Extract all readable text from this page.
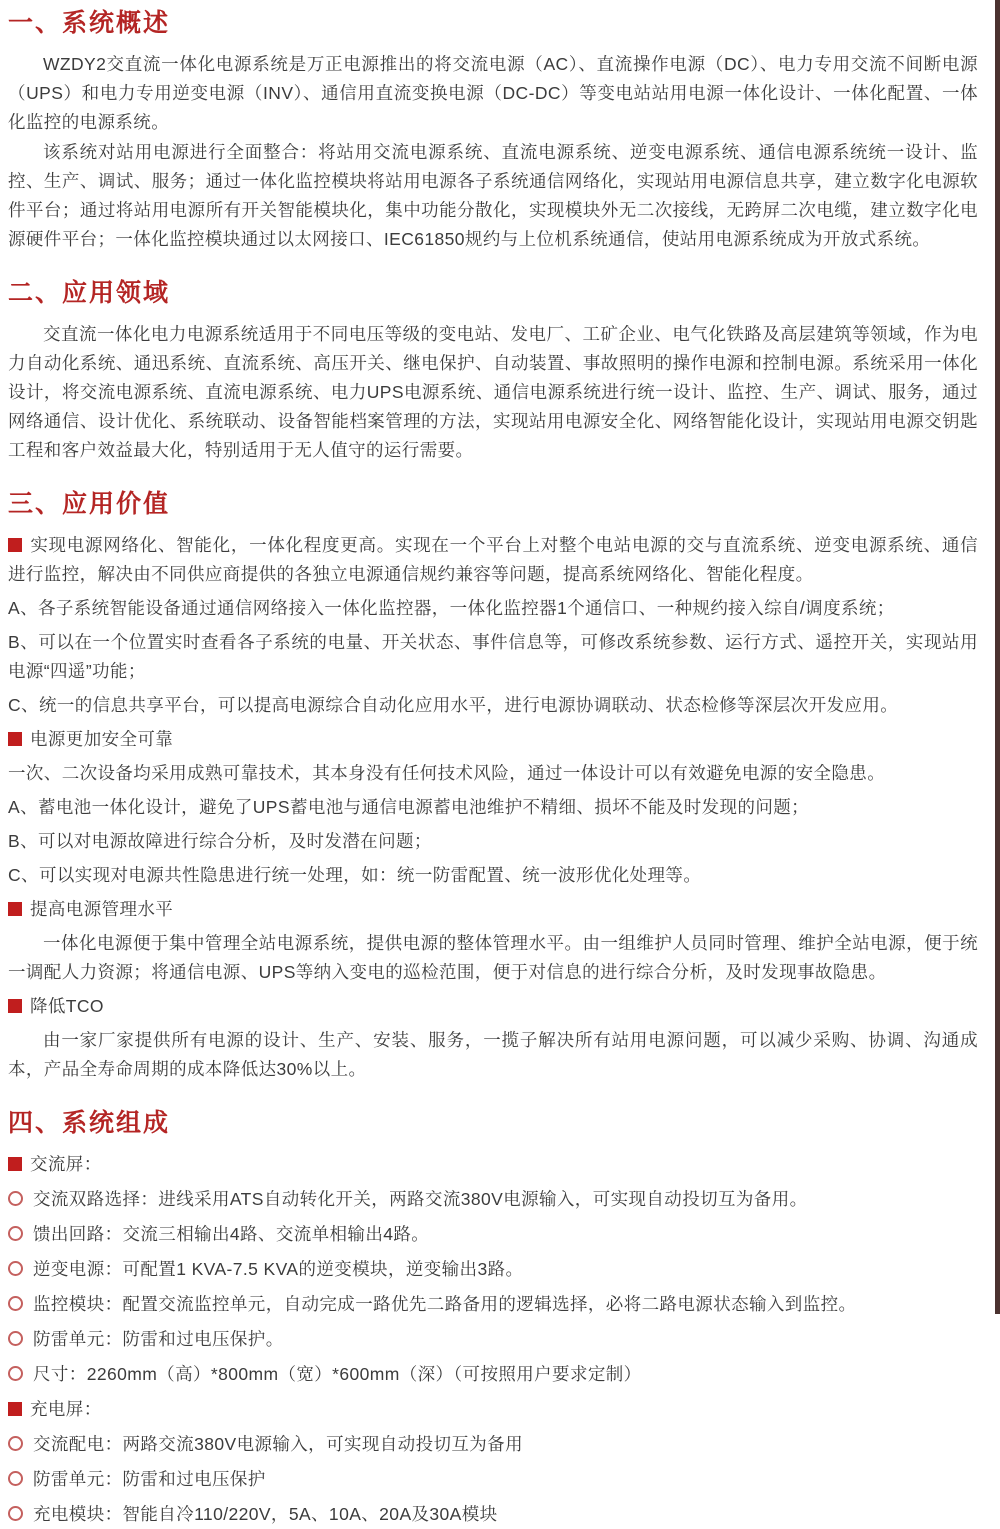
一、系统概述

WZDY2交直流一体化电源系统是万正电源推出的将交流电源（AC）、直流操作电源（DC）、电力专用交流不间断电源（UPS）和电力专用逆变电源（INV）、通信用直流变换电源（DC-DC）等变电站站用电源一体化设计、一体化配置、一体化监控的电源系统。

该系统对站用电源进行全面整合：将站用交流电源系统、直流电源系统、逆变电源系统、通信电源系统统一设计、监控、生产、调试、服务；通过一体化监控模块将站用电源各子系统通信网络化，实现站用电源信息共享，建立数字化电源软件平台；通过将站用电源所有开关智能模块化，集中功能分散化，实现模块外无二次接线，无跨屏二次电缆，建立数字化电源硬件平台；一体化监控模块通过以太网接口、IEC61850规约与上位机系统通信，使站用电源系统成为开放式系统。

二、应用领域

交直流一体化电力电源系统适用于不同电压等级的变电站、发电厂、工矿企业、电气化铁路及高层建筑等领域，作为电力自动化系统、通迅系统、直流系统、高压开关、继电保护、自动装置、事故照明的操作电源和控制电源。系统采用一体化设计，将交流电源系统、直流电源系统、电力UPS电源系统、通信电源系统进行统一设计、监控、生产、调试、服务，通过网络通信、设计优化、系统联动、设备智能档案管理的方法，实现站用电源安全化、网络智能化设计，实现站用电源交钥匙工程和客户效益最大化，特别适用于无人值守的运行需要。

三、应用价值
实现电源网络化、智能化，一体化程度更高。实现在一个平台上对整个电站电源的交与直流系统、逆变电源系统、通信进行监控，解决由不同供应商提供的各独立电源通信规约兼容等问题，提高系统网络化、智能化程度。
A、各子系统智能设备通过通信网络接入一体化监控器，一体化监控器1个通信口、一种规约接入综自/调度系统；
B、可以在一个位置实时查看各子系统的电量、开关状态、事件信息等，可修改系统参数、运行方式、遥控开关，实现站用电源“四遥”功能；
C、统一的信息共享平台，可以提高电源综合自动化应用水平，进行电源协调联动、状态检修等深层次开发应用。
电源更加安全可靠
一次、二次设备均采用成熟可靠技术，其本身没有任何技术风险，通过一体设计可以有效避免电源的安全隐患。
A、蓄电池一体化设计，避免了UPS蓄电池与通信电源蓄电池维护不精细、损坏不能及时发现的问题；
B、可以对电源故障进行综合分析，及时发潜在问题；
C、可以实现对电源共性隐患进行统一处理，如：统一防雷配置、统一波形优化处理等。
提高电源管理水平
一体化电源便于集中管理全站电源系统，提供电源的整体管理水平。由一组维护人员同时管理、维护全站电源，便于统一调配人力资源；将通信电源、UPS等纳入变电的巡检范围，便于对信息的进行综合分析，及时发现事故隐患。
降低TCO
由一家厂家提供所有电源的设计、生产、安装、服务，一揽子解决所有站用电源问题，可以减少采购、协调、沟通成本，产品全寿命周期的成本降低达30%以上。
四、系统组成
交流屏：
交流双路选择：进线采用ATS自动转化开关，两路交流380V电源输入，可实现自动投切互为备用。
馈出回路：交流三相输出4路、交流单相输出4路。
逆变电源：可配置1 KVA-7.5 KVA的逆变模块，逆变输出3路。
监控模块：配置交流监控单元，自动完成一路优先二路备用的逻辑选择，必将二路电源状态输入到监控。
防雷单元：防雷和过电压保护。
尺寸：2260mm（高）*800mm（宽）*600mm（深）（可按照用户要求定制）
充电屏：
交流配电：两路交流380V电源输入，可实现自动投切互为备用
防雷单元：防雷和过电压保护
充电模块：智能自冷110/220V，5A、10A、20A及30A模块
